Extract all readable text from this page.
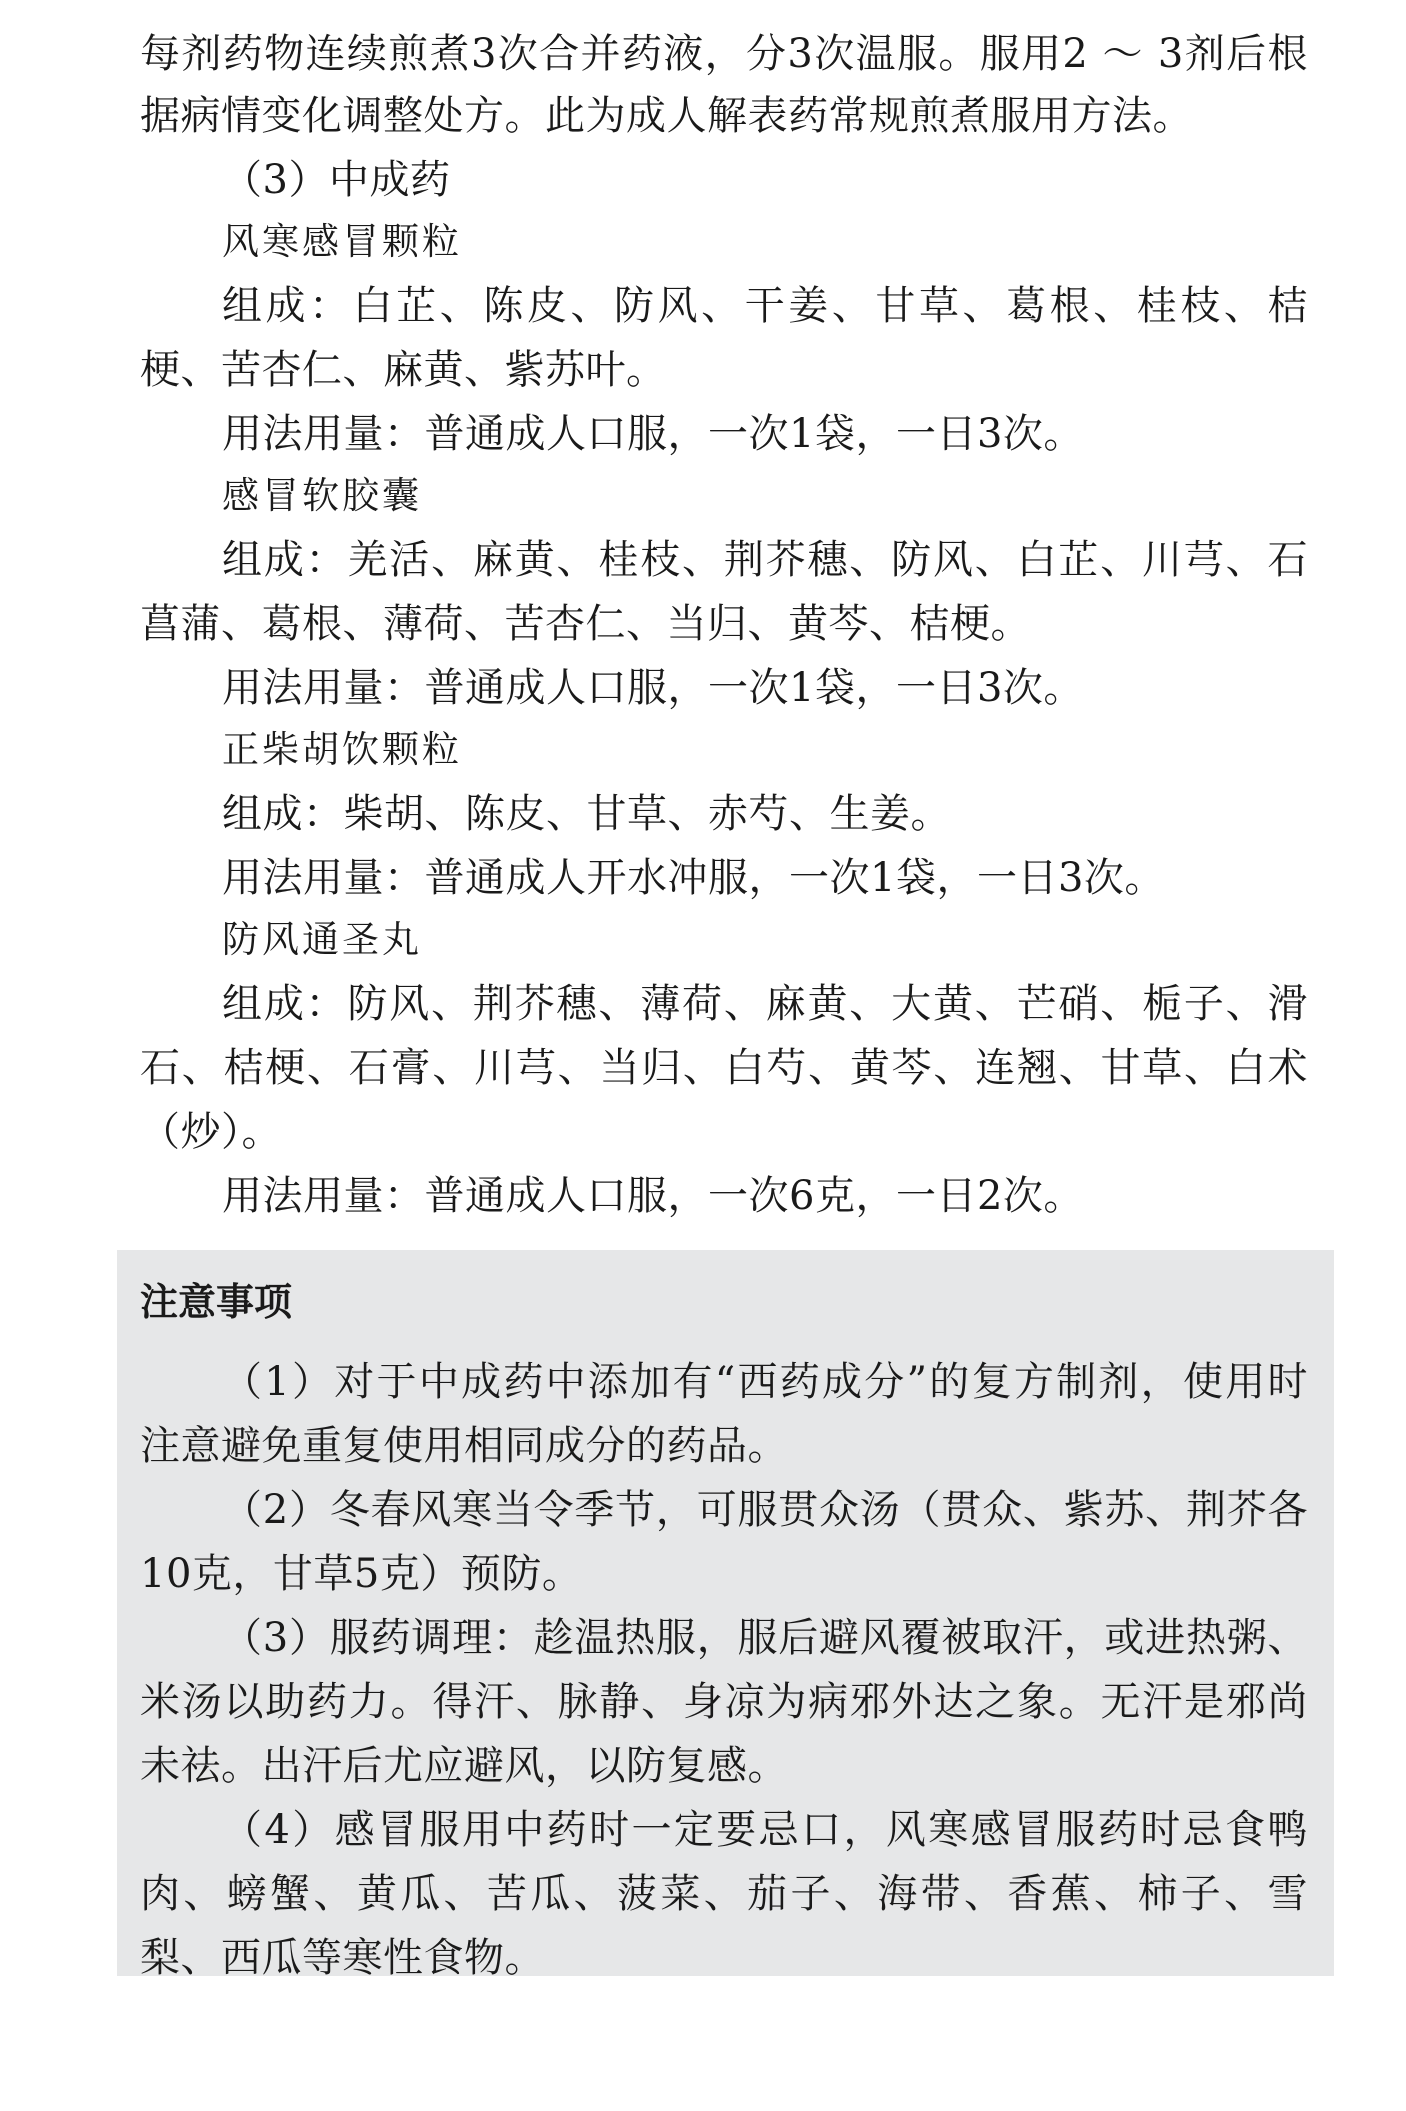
每剂药物连续煎煮3次合并药液，分3次温服。服用2 ～ 3剂后根
据病情变化调整处方。此为成人解表药常规煎煮服用方法。
（3）中成药
风寒感冒颗粒
组成：白芷、陈皮、防风、干姜、甘草、葛根、桂枝、桔
梗、苦杏仁、麻黄、紫苏叶。
用法用量：普通成人口服，一次1袋，一日3次。
感冒软胶囊
组成：羌活、麻黄、桂枝、荆芥穗、防风、白芷、川芎、石
菖蒲、葛根、薄荷、苦杏仁、当归、黄芩、桔梗。
用法用量：普通成人口服，一次1袋，一日3次。
正柴胡饮颗粒
组成：柴胡、陈皮、甘草、赤芍、生姜。
用法用量：普通成人开水冲服，一次1袋，一日3次。
防风通圣丸
组成：防风、荆芥穗、薄荷、麻黄、大黄、芒硝、栀子、滑
石、桔梗、石膏、川芎、当归、白芍、黄芩、连翘、甘草、白术
（炒）。
用法用量：普通成人口服，一次6克，一日2次。
注意事项
（1）对于中成药中添加有“西药成分”的复方制剂，使用时
注意避免重复使用相同成分的药品。
（2）冬春风寒当令季节，可服贯众汤（贯众、紫苏、荆芥各
10克，甘草5克）预防。
（3）服药调理：趁温热服，服后避风覆被取汗，或进热粥、
米汤以助药力。得汗、脉静、身凉为病邪外达之象。无汗是邪尚
未祛。出汗后尤应避风，以防复感。
（4）感冒服用中药时一定要忌口，风寒感冒服药时忌食鸭
肉、螃蟹、黄瓜、苦瓜、菠菜、茄子、海带、香蕉、柿子、雪
梨、西瓜等寒性食物。
